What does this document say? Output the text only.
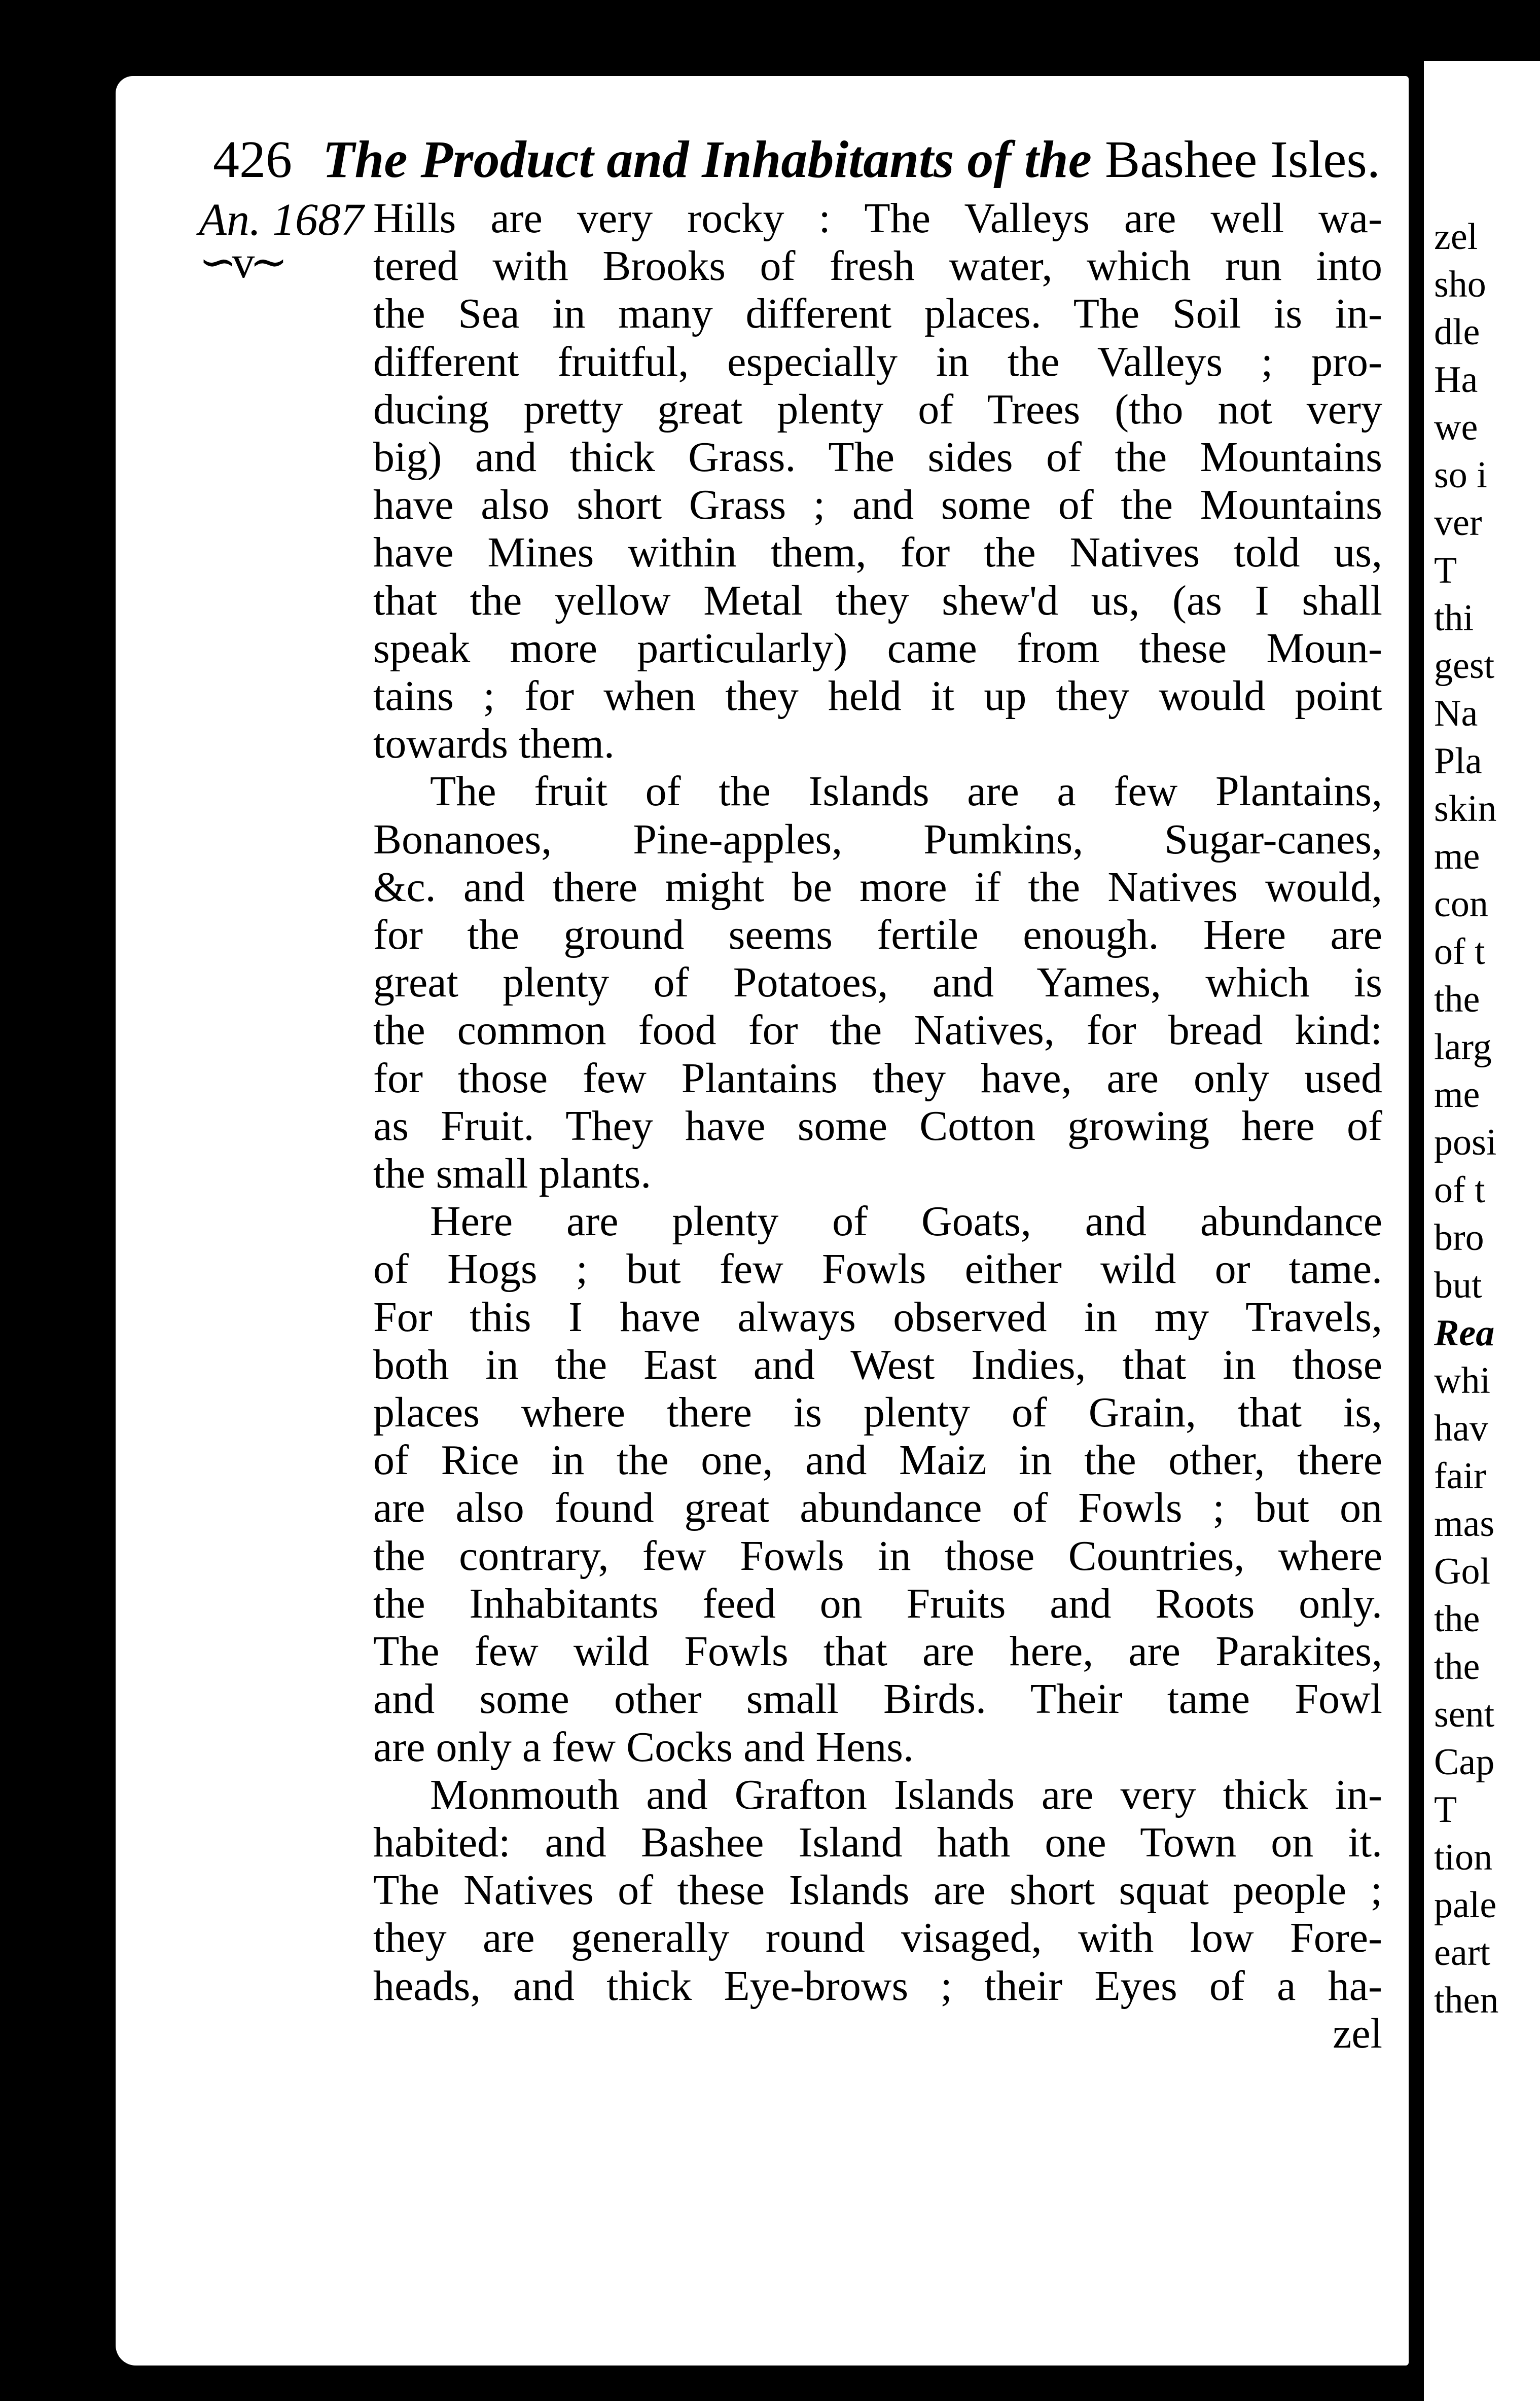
426 The Product and Inhabitants of the Bashee Isles.
An. 1687
∽v∼
Hills are very rocky : The Valleys are well wa-
tered with Brooks of fresh water, which run into
the Sea in many different places. The Soil is in-
different fruitful, especially in the Valleys ; pro-
ducing pretty great plenty of Trees (tho not very
big) and thick Grass. The sides of the Mountains
have also short Grass ; and some of the Mountains
have Mines within them, for the Natives told us,
that the yellow Metal they shew'd us, (as I shall
speak more particularly) came from these Moun-
tains ; for when they held it up they would point
towards them.
The fruit of the Islands are a few Plantains,
Bonanoes, Pine-apples, Pumkins, Sugar-canes,
&c. and there might be more if the Natives would,
for the ground seems fertile enough. Here are
great plenty of Potatoes, and Yames, which is
the common food for the Natives, for bread kind:
for those few Plantains they have, are only used
as Fruit. They have some Cotton growing here of
the small plants.
Here are plenty of Goats, and abundance
of Hogs ; but few Fowls either wild or tame.
For this I have always observed in my Travels,
both in the East and West Indies, that in those
places where there is plenty of Grain, that is,
of Rice in the one, and Maiz in the other, there
are also found great abundance of Fowls ; but on
the contrary, few Fowls in those Countries, where
the Inhabitants feed on Fruits and Roots only.
The few wild Fowls that are here, are Parakites,
and some other small Birds. Their tame Fowl
are only a few Cocks and Hens.
Monmouth and Grafton Islands are very thick in-
habited: and Bashee Island hath one Town on it.
The Natives of these Islands are short squat people ;
they are generally round visaged, with low Fore-
heads, and thick Eye-brows ; their Eyes of a ha-
zel
zel
sho
dle
Ha
we
so i
ver
T
thi
gest
Na
Pla
skin
me
con
of t
the
larg
me
posi
of t
bro
but
Rea
whi
hav
fair
mas
Gol
the
the
sent
Cap
T
tion
pale
eart
then
